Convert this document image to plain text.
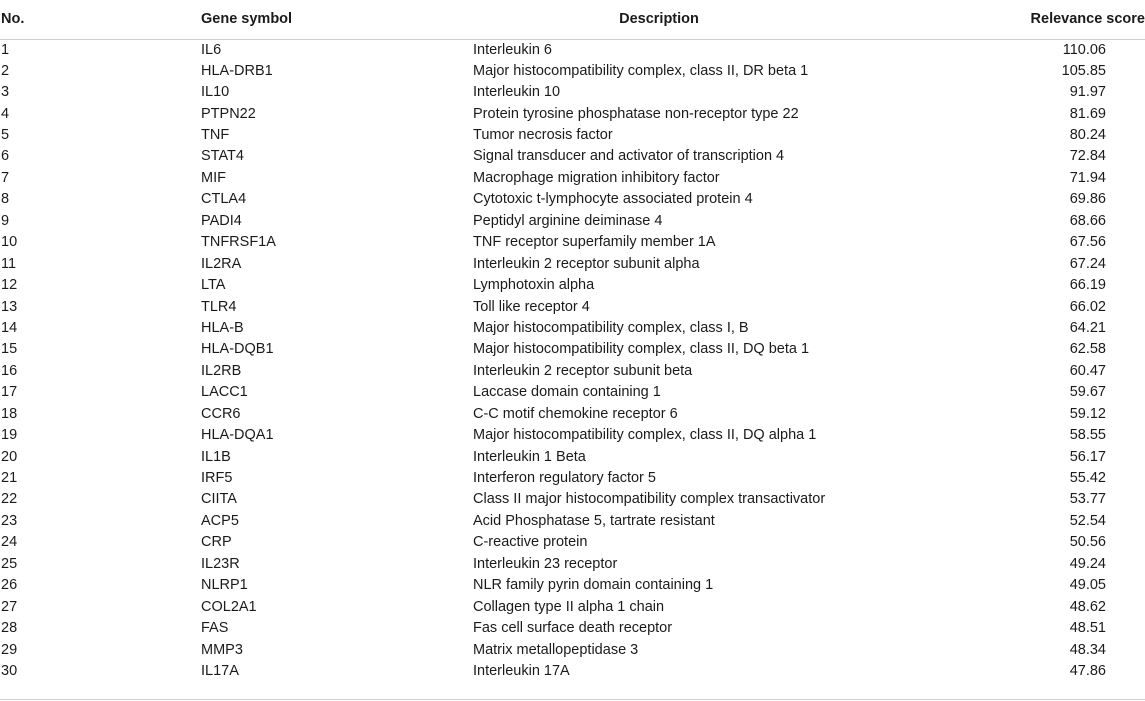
No.	Gene symbol	Description	Relevance score
1	IL6	Interleukin 6	110.06
2	HLA-DRB1	Major histocompatibility complex, class II, DR beta 1	105.85
3	IL10	Interleukin 10	91.97
4	PTPN22	Protein tyrosine phosphatase non-receptor type 22	81.69
5	TNF	Tumor necrosis factor	80.24
6	STAT4	Signal transducer and activator of transcription 4	72.84
7	MIF	Macrophage migration inhibitory factor	71.94
8	CTLA4	Cytotoxic t-lymphocyte associated protein 4	69.86
9	PADI4	Peptidyl arginine deiminase 4	68.66
10	TNFRSF1A	TNF receptor superfamily member 1A	67.56
11	IL2RA	Interleukin 2 receptor subunit alpha	67.24
12	LTA	Lymphotoxin alpha	66.19
13	TLR4	Toll like receptor 4	66.02
14	HLA-B	Major histocompatibility complex, class I, B	64.21
15	HLA-DQB1	Major histocompatibility complex, class II, DQ beta 1	62.58
16	IL2RB	Interleukin 2 receptor subunit beta	60.47
17	LACC1	Laccase domain containing 1	59.67
18	CCR6	C-C motif chemokine receptor 6	59.12
19	HLA-DQA1	Major histocompatibility complex, class II, DQ alpha 1	58.55
20	IL1B	Interleukin 1 Beta	56.17
21	IRF5	Interferon regulatory factor 5	55.42
22	CIITA	Class II major histocompatibility complex transactivator	53.77
23	ACP5	Acid Phosphatase 5, tartrate resistant	52.54
24	CRP	C-reactive protein	50.56
25	IL23R	Interleukin 23 receptor	49.24
26	NLRP1	NLR family pyrin domain containing 1	49.05
27	COL2A1	Collagen type II alpha 1 chain	48.62
28	FAS	Fas cell surface death receptor	48.51
29	MMP3	Matrix metallopeptidase 3	48.34
30	IL17A	Interleukin 17A	47.86
